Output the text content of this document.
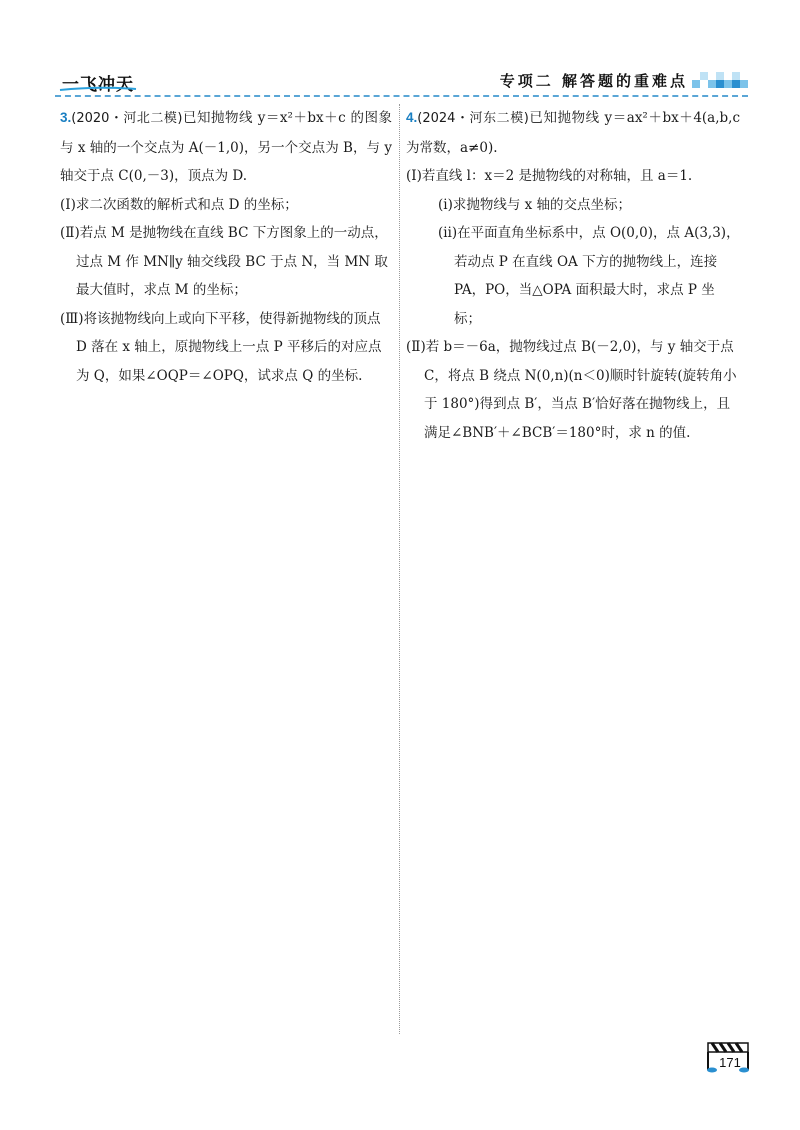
一飞冲天	专项二 解答题的重难点
3.(2020・河北二模)已知抛物线 y＝x²＋bx＋c 的图象与 x 轴的一个交点为 A(－1,0)，另一个交点为 B，与 y 轴交于点 C(0,－3)，顶点为 D.
(Ⅰ)求二次函数的解析式和点 D 的坐标；
(Ⅱ)若点 M 是抛物线在直线 BC 下方图象上的一动点，过点 M 作 MN∥y 轴交线段 BC 于点 N，当 MN 取最大值时，求点 M 的坐标；
(Ⅲ)将该抛物线向上或向下平移，使得新抛物线的顶点 D 落在 x 轴上，原抛物线上一点 P 平移后的对应点为 Q，如果∠OQP＝∠OPQ，试求点 Q 的坐标.
4.(2024・河东二模)已知抛物线 y＝ax²＋bx＋4(a,b,c 为常数，a≠0).
(Ⅰ)若直线 l：x＝2 是抛物线的对称轴，且 a＝1.
(ⅰ)求抛物线与 x 轴的交点坐标；
(ⅱ)在平面直角坐标系中，点 O(0,0)，点 A(3,3)，若动点 P 在直线 OA 下方的抛物线上，连接 PA，PO，当△OPA 面积最大时，求点 P 坐标；
(Ⅱ)若 b＝－6a，抛物线过点 B(－2,0)，与 y 轴交于点 C，将点 B 绕点 N(0,n)(n＜0)顺时针旋转(旋转角小于 180°)得到点 B′，当点 B′恰好落在抛物线上，且满足∠BNB′＋∠BCB′＝180°时，求 n 的值.
171
